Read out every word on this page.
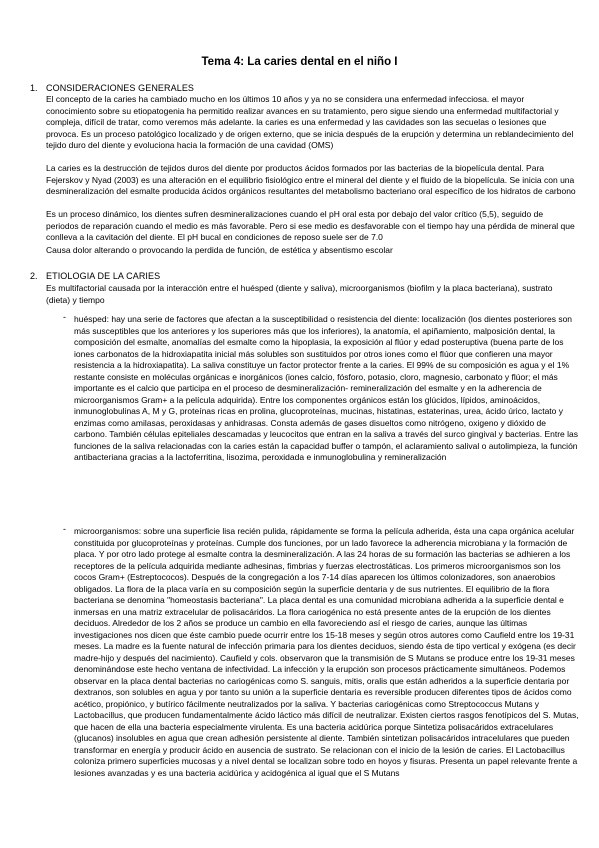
Tema 4: La caries dental en el niño I
1. CONSIDERACIONES GENERALES

El concepto de la caries ha cambiado mucho en los últimos 10 años y ya no se considera una enfermedad infecciosa. el mayor conocimiento sobre su etiopatogenia ha permitido realizar avances en su tratamiento, pero sigue siendo una enfermedad multifactorial y compleja, difícil de tratar, como veremos más adelante. la caries es una enfermedad y las cavidades son las secuelas o lesiones que provoca. Es un proceso patológico localizado y de origen externo, que se inicia después de la erupción y determina un reblandecimiento del tejido duro del diente y evoluciona hacia la formación de una cavidad (OMS)

La caries es la destrucción de tejidos duros del diente por productos ácidos formados por las bacterias de la biopelícula dental. Para Fejerskov y Nyad (2003) es una alteración en el equilibrio fisiológico entre el mineral del diente y el fluido de la biopelícula. Se inicia con una desmineralización del esmalte producida ácidos orgánicos resultantes del metabolismo bacteriano oral específico de los hidratos de carbono

Es un proceso dinámico, los dientes sufren desmineralizaciones cuando el pH oral esta por debajo del valor crítico (5,5), seguido de periodos de reparación cuando el medio es más favorable. Pero si ese medio es desfavorable con el tiempo hay una pérdida de mineral que conlleva a la cavitación del diente. El pH bucal en condiciones de reposo suele ser de 7.0

Causa dolor alterando o provocando la perdida de función, de estética y absentismo escolar

2. ETIOLOGIA DE LA CARIES

Es multifactorial causada por la interacción entre el huésped (diente y saliva), microorganismos (biofilm y la placa bacteriana), sustrato (dieta) y tiempo

- huésped: hay una serie de factores que afectan a la susceptibilidad o resistencia del diente: localización (los dientes posteriores son más susceptibles que los anteriores y los superiores más que los inferiores), la anatomía, el apiñamiento, malposición dental, la composición del esmalte, anomalías del esmalte como la hipoplasia, la exposición al flúor y edad posteruptiva (buena parte de los iones carbonatos de la hidroxiapatita inicial más solubles son sustituidos por otros iones como el flúor que confieren una mayor resistencia a la hidroxiapatita). La saliva constituye un factor protector frente a la caries. El 99% de su composición es agua y el 1% restante consiste en moléculas orgánicas e inorgánicos (iones calcio, fósforo, potasio, cloro, magnesio, carbonato y flúor; el más importante es el calcio que participa en el proceso de desmineralización- remineralización del esmalte y en la adherencia de microorganismos Gram+ a la película adquirida). Entre los componentes orgánicos están los glúcidos, lípidos, aminoácidos, inmunoglobulinas A, M y G, proteínas ricas en prolina, glucoproteínas, mucinas, histatinas, estaterinas, urea, ácido úrico, lactato y enzimas como amilasas, peroxidasas y anhidrasas. Consta además de gases disueltos como nitrógeno, oxigeno y dióxido de carbono. También células epiteliales descamadas y leucocitos que entran en la saliva a través del surco gingival y bacterias. Entre las funciones de la saliva relacionadas con la caries están la capacidad buffer o tampón, el aclaramiento salival o autolimpieza, la función antibacteriana gracias a la lactoferritina, lisozima, peroxidada e inmunoglobulina y remineralización

- microorganismos: sobre una superficie lisa recién pulida, rápidamente se forma la película adherida, ésta una capa orgánica acelular constituida por glucoproteínas y proteínas. Cumple dos funciones, por un lado favorece la adherencia microbiana y la formación de placa. Y por otro lado protege al esmalte contra la desmineralización. A las 24 horas de su formación las bacterias se adhieren a los receptores de la película adquirida mediante adhesinas, fimbrias y fuerzas electrostáticas. Los primeros microorganismos son los cocos Gram+ (Estreptococos). Después de la congregación a los 7-14 días aparecen los últimos colonizadores, son anaerobios obligados. La flora de la placa varía en su composición según la superficie dentaria y de sus nutrientes. El equilibrio de la flora bacteriana se denomina "homeostasis bacteriana". La placa dental es una comunidad microbiana adherida a la superficie dental e inmersas en una matriz extracelular de polisacáridos. La flora cariogénica no está presente antes de la erupción de los dientes deciduos. Alrededor de los 2 años se produce un cambio en ella favoreciendo así el riesgo de caries, aunque las últimas investigaciones nos dicen que éste cambio puede ocurrir entre los 15-18 meses y según otros autores como Caufield entre los 19-31 meses. La madre es la fuente natural de infección primaria para los dientes deciduos, siendo ésta de tipo vertical y exógena (es decir madre-hijo y después del nacimiento). Caufield y cols. observaron que la transmisión de S Mutans se produce entre los 19-31 meses denominándose este hecho ventana de infectividad. La infección y la erupción son procesos prácticamente simultáneos. Podemos observar en la placa dental bacterias no cariogénicas como S. sanguis, mitis, oralis que están adheridos a la superficie dentaria por dextranos, son solubles en agua y por tanto su unión a la superficie dentaria es reversible producen diferentes tipos de ácidos como acético, propiónico, y butírico fácilmente neutralizados por la saliva. Y bacterias cariogénicas como Streptococcus Mutans y Lactobacillus, que producen fundamentalmente ácido láctico más difícil de neutralizar. Existen ciertos rasgos fenotípicos del S. Mutas, que hacen de ella una bacteria especialmente virulenta. Es una bacteria acidúrica porque Sintetiza polisacáridos extracelulares (glucanos) insolubles en agua que crean adhesión persistente al diente. También sintetizan polisacáridos intracelulares que pueden transformar en energía y producir ácido en ausencia de sustrato. Se relacionan con el inicio de la lesión de caries. El Lactobacillus coloniza primero superficies mucosas y a nivel dental se localizan sobre todo en hoyos y fisuras. Presenta un papel relevante frente a lesiones avanzadas y es una bacteria acidúrica y acidogénica al igual que el S Mutans
